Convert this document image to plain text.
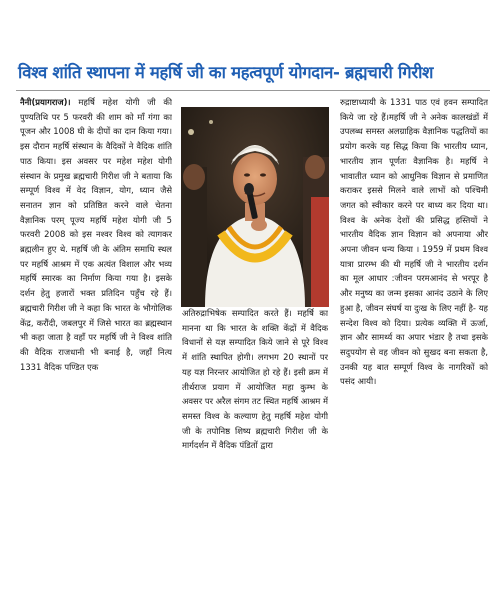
विश्व शांति स्थापना में महर्षि जी का महत्वपूर्ण योगदान- ब्रह्मचारी गिरीश

नैनी(प्रयागराज)। महर्षि महेश योगी जी की पुण्यतिथि पर 5 फरवरी की शाम को माँ गंगा का पूजन और 1008 घी के दीपों का दान किया गया। इस दौरान महर्षि संस्थान के वैदिकों ने वैदिक शांति पाठ किया। इस अवसर पर महेश महेश योगी संस्थान के प्रमुख ब्रह्मचारी गिरीश जी ने बताया कि सम्पूर्ण विश्व में वेद विज्ञान, योग, ध्यान जैसे सनातन ज्ञान को प्रतिष्ठित करने वाले चेतना वैज्ञानिक परम् पूज्य महर्षि महेश योगी जी 5 फरवरी 2008 को इस नश्वर विश्व को त्यागकर ब्रह्मलीन हुए थे. महर्षि जी के अंतिम समाधि स्थल पर महर्षि आश्रम में एक अत्यंत विशाल और भव्य महर्षि स्मारक का निर्माण किया गया है। इसके दर्शन हेतु हजारों भक्त प्रतिदिन पहुँच रहे हैं। ब्रह्मचारी गिरीश जी ने कहा कि भारत के भौगोलिक केंद्र, करौंदी, जबलपुर में जिसे भारत का ब्रह्मस्थान भी कहा जाता है वहाँ पर महर्षि जी ने विश्व शांति की वैदिक राजधानी भी बनाई है, जहाँ नित्य 1331 वैदिक पण्डित एक

अतिरुद्राभिषेक सम्पादित करते हैं। महर्षि का मानना था कि भारत के शक्ति केंद्रों में वैदिक विधानों से यज्ञ सम्पादित किये जाने से पूरे विश्व में शांति स्थापित होगी। लगभग 20 स्थानों पर यह यज्ञ निरन्तर आयोजित हो रहे हैं। इसी क्रम में तीर्थराज प्रयाग में आयोजित महा कुम्भ के अवसर पर अरैल संगम तट स्थित महर्षि आश्रम में समस्त विश्व के कल्याण हेतु महर्षि महेश योगी जी के तपोनिष्ठ शिष्य ब्रह्मचारी गिरीश जी के मार्गदर्शन में वैदिक पंडितों द्वारा

रुद्राष्टाध्यायी के 1331 पाठ एवं हवन सम्पादित किये जा रहे हैं।महर्षि जी ने अनेक कालखंडों में उपलब्ध समस्त अलग्राहिक वैज्ञानिक पद्धतियों का प्रयोग करके यह सिद्ध किया कि भारतीय ध्यान, भारतीय ज्ञान पूर्णतः वैज्ञानिक है। महर्षि ने भावातीत ध्यान को आधुनिक विज्ञान से प्रमाणित कराकर इससे मिलने वाले लाभों को पश्चिमी जगत को स्वीकार करने पर बाध्य कर दिया था। विश्व के अनेक देशों की प्रसिद्ध हस्तियों ने भारतीय वैदिक ज्ञान विज्ञान को अपनाया और अपना जीवन धन्य किया । 1959 में प्रथम विश्व यात्रा प्रारम्भ की थी महर्षि जी ने भारतीय दर्शन का मूल आधार :जीवन परमआनंद से भरपूर है और मनुष्य का जन्म इसका आनंद उठाने के लिए हुआ है, जीवन संघर्ष या दुःख के लिए नहीं है- यह सन्देश विश्व को दिया। प्रत्येक व्यक्ति में ऊर्जा, ज्ञान और सामर्थ्य का अपार भंडार है तथा इसके सदुपयोग से वह जीवन को सुखद बना सकता है, उनकी यह बात सम्पूर्ण विश्व के नागरिकों को पसंद आयी।
